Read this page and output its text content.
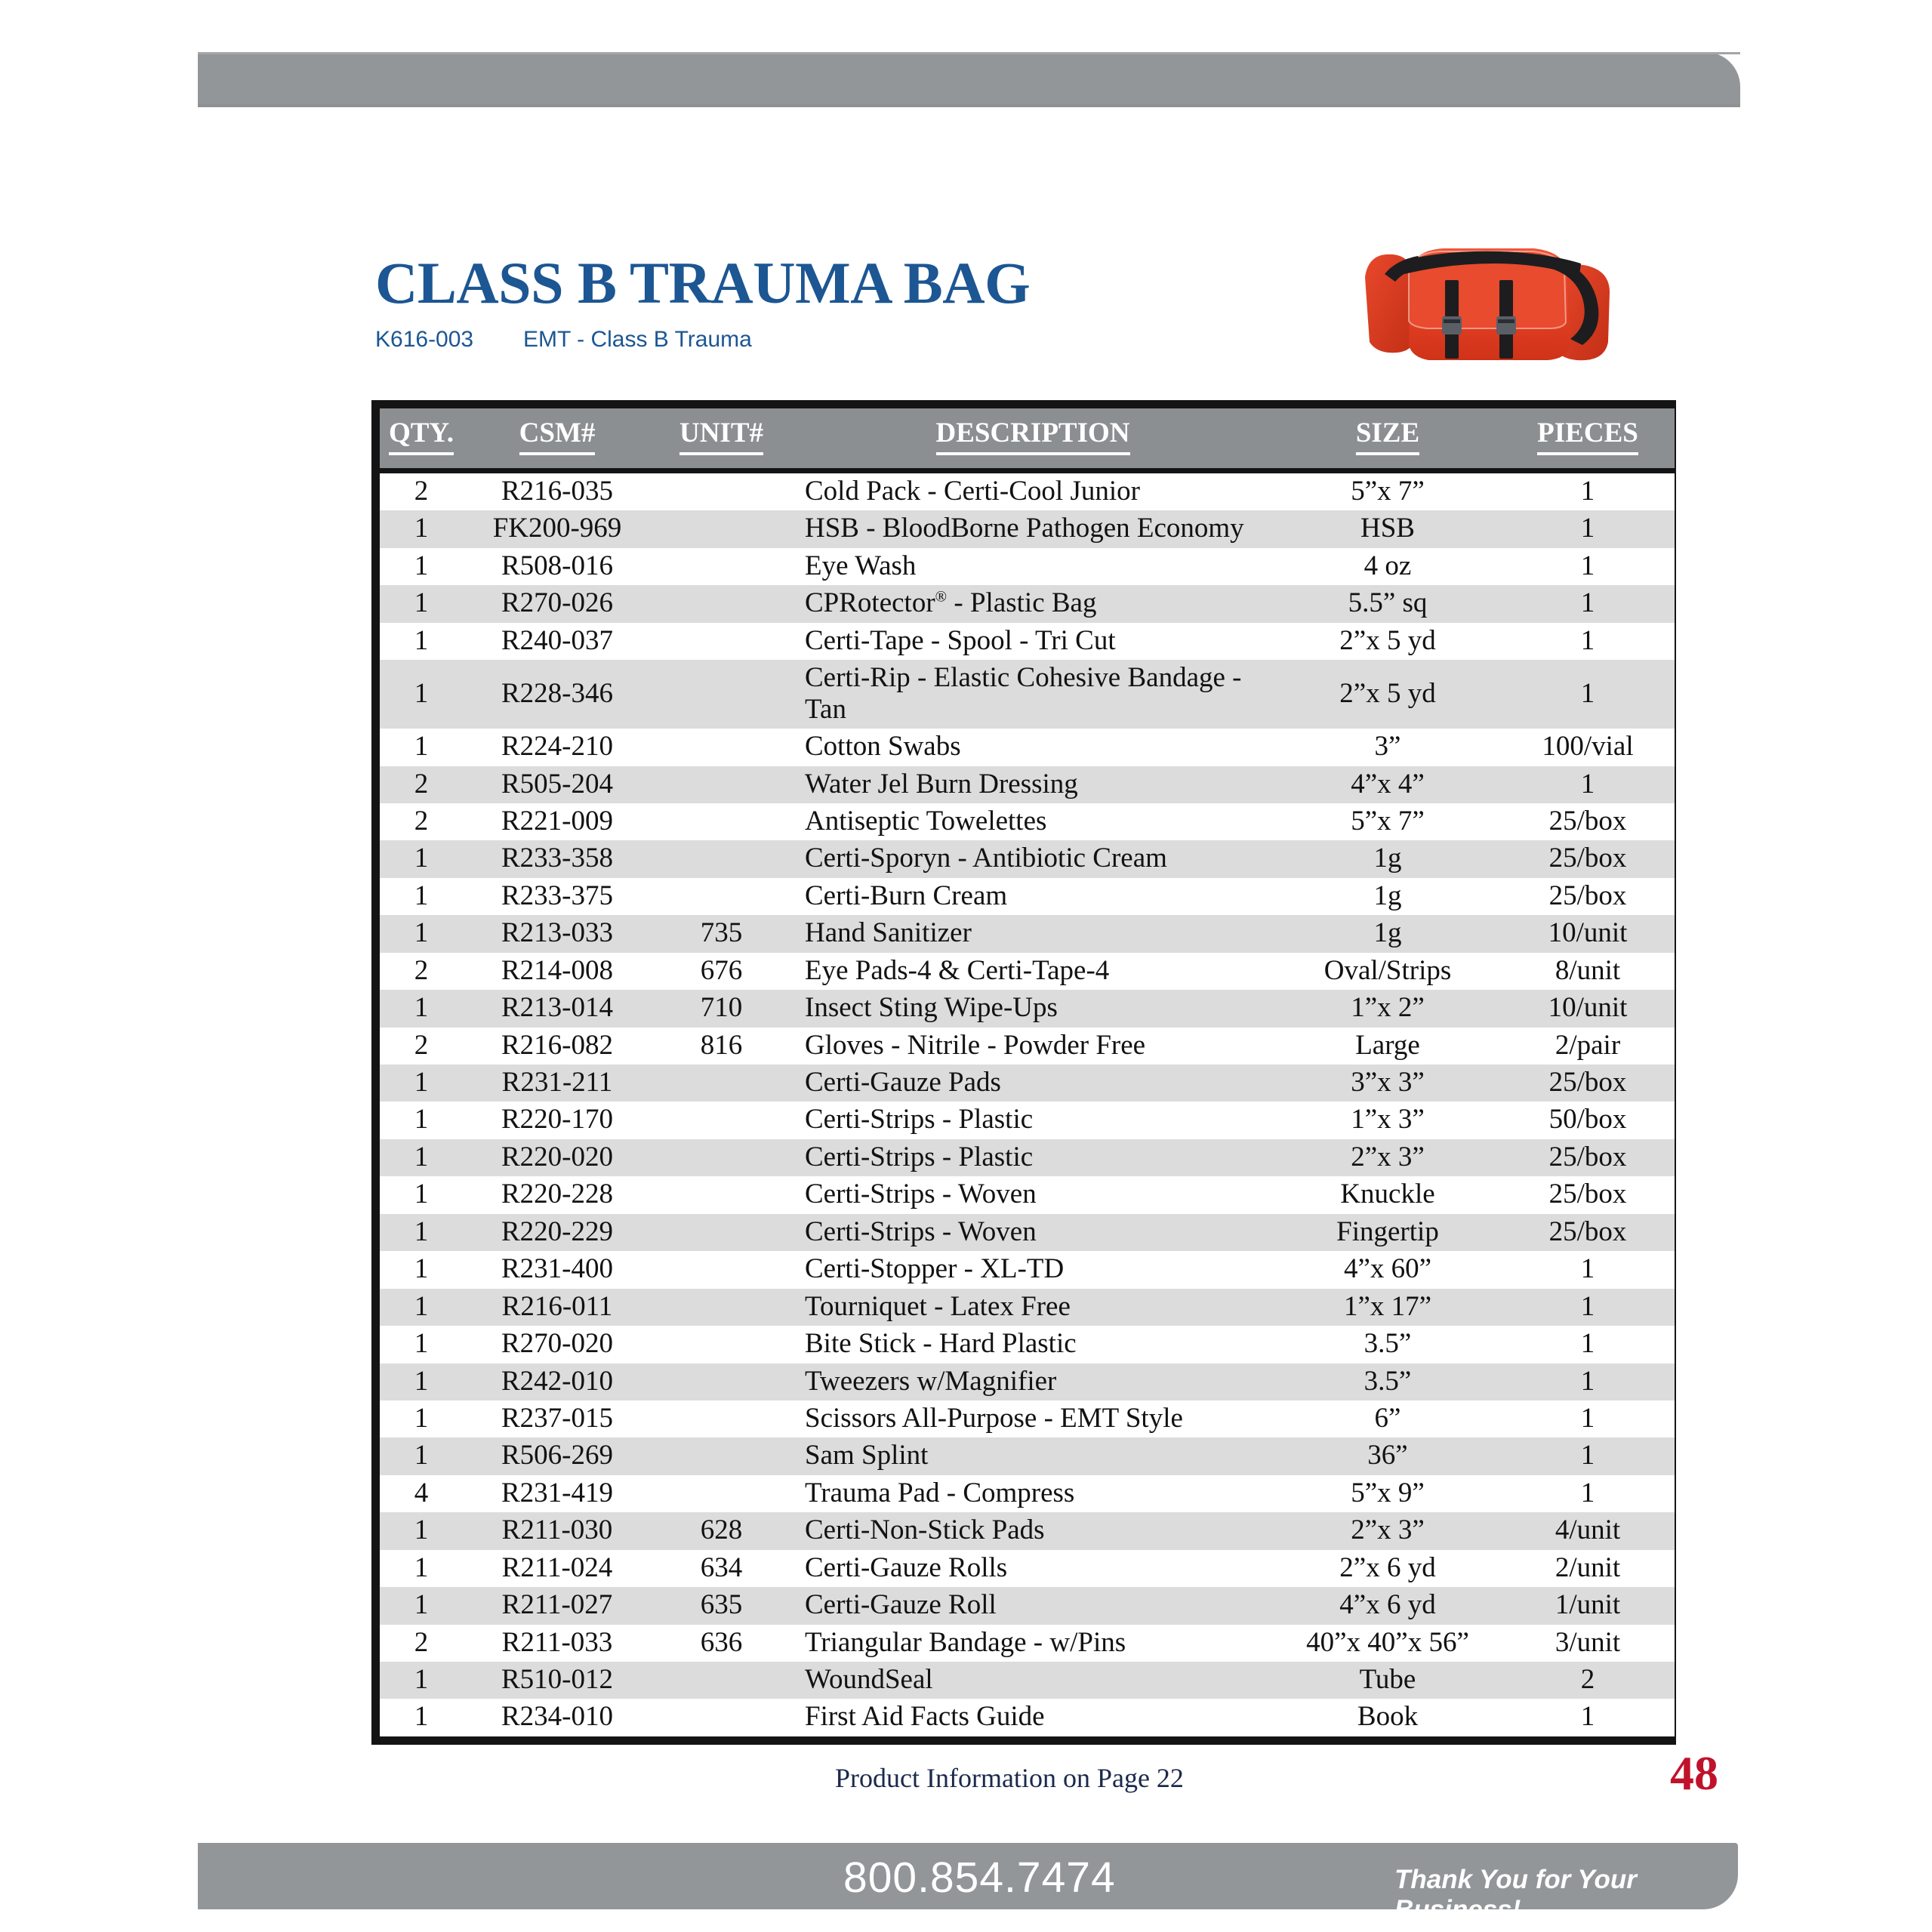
CLASS B TRAUMA BAG
K616-003	EMT - Class B Trauma
QTY.	CSM#	UNIT#	DESCRIPTION	SIZE	PIECES
2	R216-035		Cold Pack - Certi-Cool Junior	5”x 7”	1
1	FK200-969		HSB - BloodBorne Pathogen Economy	HSB	1
1	R508-016		Eye Wash	4 oz	1
1	R270-026		CPRotector® - Plastic Bag	5.5” sq	1
1	R240-037		Certi-Tape - Spool - Tri Cut	2”x 5 yd	1
1	R228-346		Certi-Rip - Elastic Cohesive Bandage - Tan	2”x 5 yd	1
1	R224-210		Cotton Swabs	3”	100/vial
2	R505-204		Water Jel Burn Dressing	4”x 4”	1
2	R221-009		Antiseptic Towelettes	5”x 7”	25/box
1	R233-358		Certi-Sporyn - Antibiotic Cream	1g	25/box
1	R233-375		Certi-Burn Cream	1g	25/box
1	R213-033	735	Hand Sanitizer	1g	10/unit
2	R214-008	676	Eye Pads-4 & Certi-Tape-4	Oval/Strips	8/unit
1	R213-014	710	Insect Sting Wipe-Ups	1”x 2”	10/unit
2	R216-082	816	Gloves - Nitrile - Powder Free	Large	2/pair
1	R231-211		Certi-Gauze Pads	3”x 3”	25/box
1	R220-170		Certi-Strips - Plastic	1”x 3”	50/box
1	R220-020		Certi-Strips - Plastic	2”x 3”	25/box
1	R220-228		Certi-Strips - Woven	Knuckle	25/box
1	R220-229		Certi-Strips - Woven	Fingertip	25/box
1	R231-400		Certi-Stopper - XL-TD	4”x 60”	1
1	R216-011		Tourniquet - Latex Free	1”x 17”	1
1	R270-020		Bite Stick - Hard Plastic	3.5”	1
1	R242-010		Tweezers w/Magnifier	3.5”	1
1	R237-015		Scissors All-Purpose - EMT Style	6”	1
1	R506-269		Sam Splint	36”	1
4	R231-419		Trauma Pad - Compress	5”x 9”	1
1	R211-030	628	Certi-Non-Stick Pads	2”x 3”	4/unit
1	R211-024	634	Certi-Gauze Rolls	2”x 6 yd	2/unit
1	R211-027	635	Certi-Gauze Roll	4”x 6 yd	1/unit
2	R211-033	636	Triangular Bandage - w/Pins	40”x 40”x 56”	3/unit
1	R510-012		WoundSeal	Tube	2
1	R234-010		First Aid Facts Guide	Book	1
Product Information on Page 22	48
800.854.7474	Thank You for Your Business!
